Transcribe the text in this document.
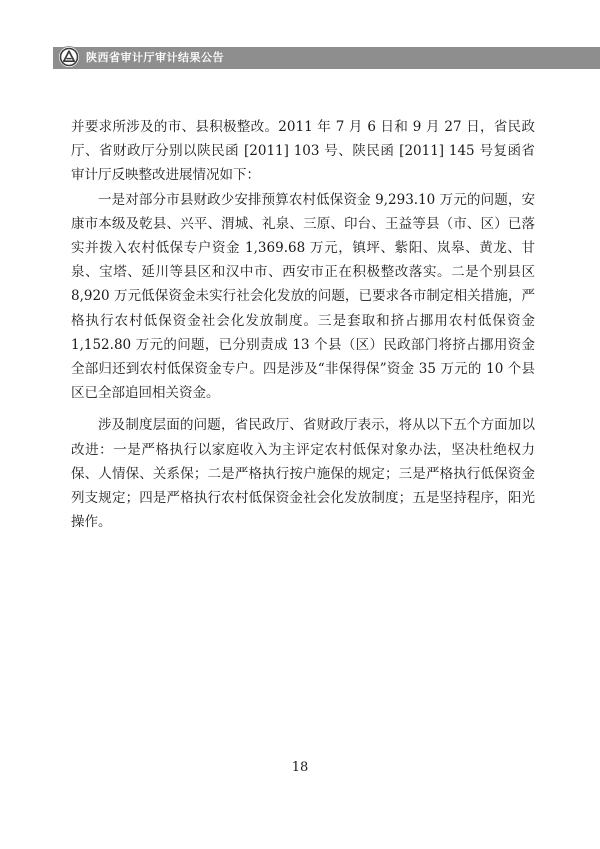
陕西省审计厅审计结果公告

并要求所涉及的市、县积极整改。2011 年 7 月 6 日和 9 月 27 日，省民政厅、省财政厅分别以陕民函 [2011] 103 号、陕民函 [2011] 145 号复函省审计厅反映整改进展情况如下：

一是对部分市县财政少安排预算农村低保资金 9,293.10 万元的问题，安康市本级及乾县、兴平、渭城、礼泉、三原、印台、王益等县（市、区）已落实并拨入农村低保专户资金 1,369.68 万元，镇坪、紫阳、岚皋、黄龙、甘泉、宝塔、延川等县区和汉中市、西安市正在积极整改落实。二是个别县区 8,920 万元低保资金未实行社会化发放的问题，已要求各市制定相关措施，严格执行农村低保资金社会化发放制度。三是套取和挤占挪用农村低保资金 1,152.80 万元的问题，已分别责成 13 个县（区）民政部门将挤占挪用资金全部归还到农村低保资金专户。四是涉及“非保得保”资金 35 万元的 10 个县区已全部追回相关资金。

涉及制度层面的问题，省民政厅、省财政厅表示，将从以下五个方面加以改进：一是严格执行以家庭收入为主评定农村低保对象办法，坚决杜绝权力保、人情保、关系保；二是严格执行按户施保的规定；三是严格执行低保资金列支规定；四是严格执行农村低保资金社会化发放制度；五是坚持程序，阳光操作。

18
